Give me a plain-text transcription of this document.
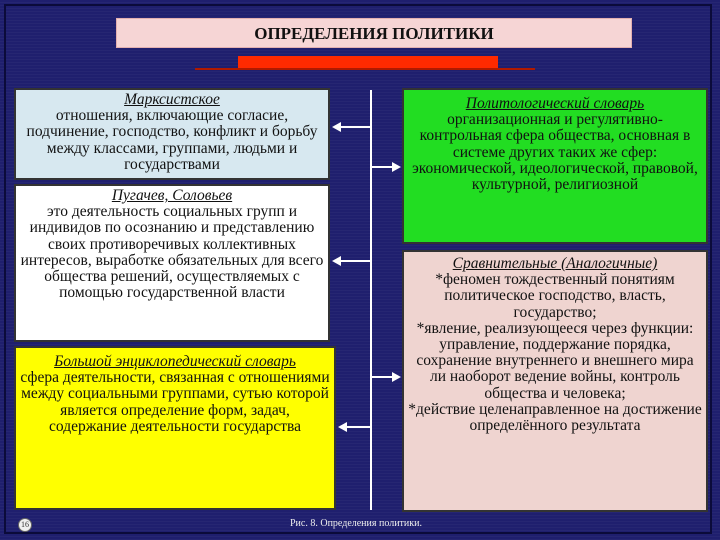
ОПРЕДЕЛЕНИЯ ПОЛИТИКИ
Марксистское
отношения, включающие согласие, подчинение, господство, конфликт и борьбу между классами, группами, людьми и государствами
Пугачев, Соловьев
это деятельность социальных групп и индивидов по осознанию и представлению своих противоречивых коллективных интересов, выработке обязательных для всего общества решений, осуществляемых с помощью государственной власти
Большой энциклопедический словарь
сфера деятельности, связанная с отношениями между социальными группами, сутью которой является определение форм, задач, содержание деятельности государства
Политологический словарь
организационная и регулятивно-контрольная сфера общества, основная в системе других таких же сфер: экономической, идеологической, правовой, культурной, религиозной
Сравнительные (Аналогичные)
*феномен тождественный понятиям политическое господство, власть, государство;
*явление, реализующееся через функции: управление, поддержание порядка, сохранение внутреннего и внешнего мира ли наоборот ведение войны, контроль общества и человека;
*действие целенаправленное на достижение определённого результата
16	Рис. 8. Определения политики.
